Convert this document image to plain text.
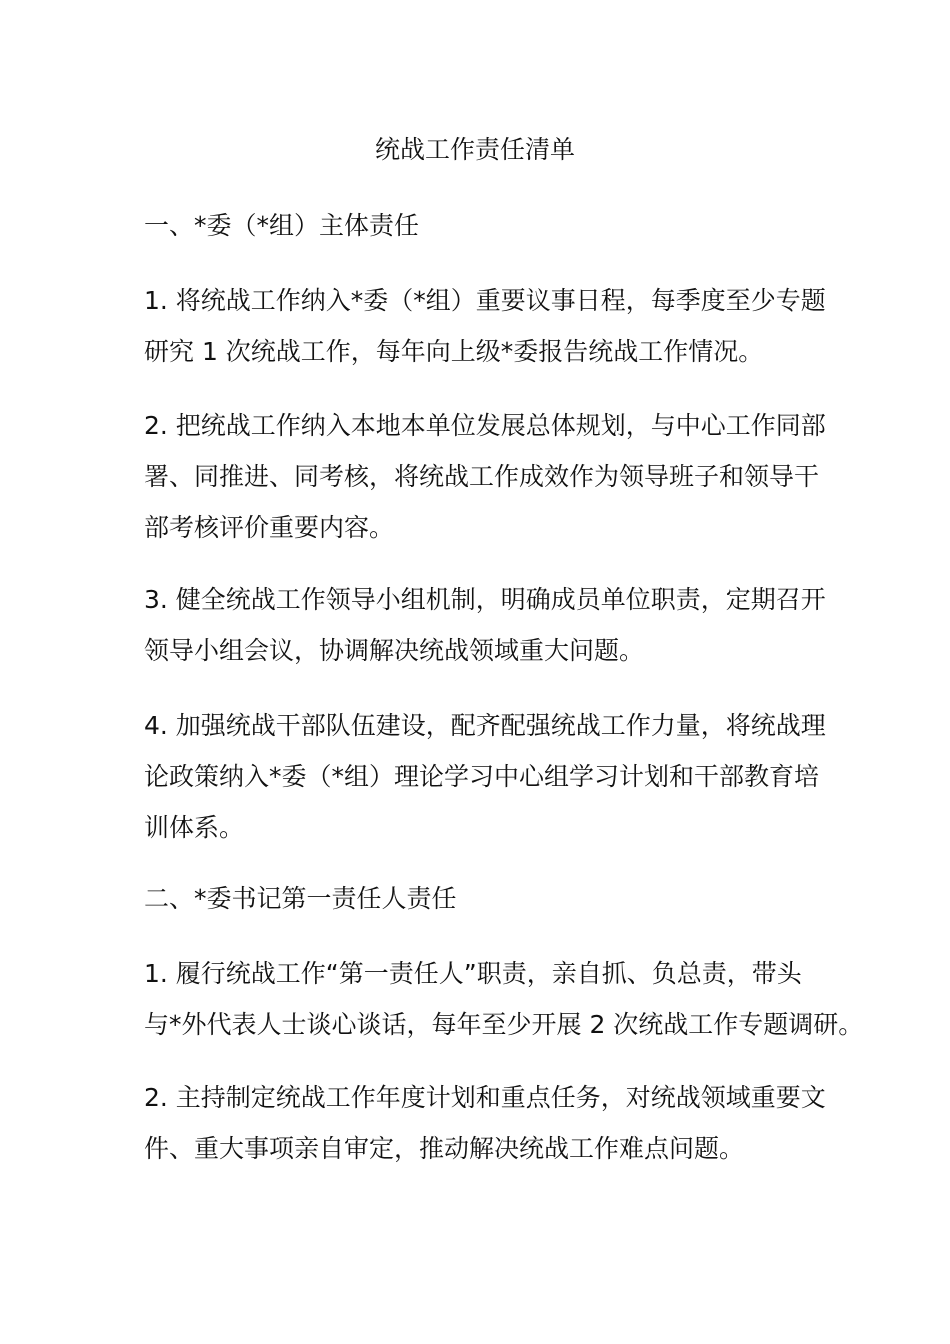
统战工作责任清单
一、*委（*组）主体责任
1. 将统战工作纳入*委（*组）重要议事日程，每季度至少专题
研究 1 次统战工作，每年向上级*委报告统战工作情况。
2. 把统战工作纳入本地本单位发展总体规划，与中心工作同部
署、同推进、同考核，将统战工作成效作为领导班子和领导干
部考核评价重要内容。
3. 健全统战工作领导小组机制，明确成员单位职责，定期召开
领导小组会议，协调解决统战领域重大问题。
4. 加强统战干部队伍建设，配齐配强统战工作力量，将统战理
论政策纳入*委（*组）理论学习中心组学习计划和干部教育培
训体系。
二、*委书记第一责任人责任
1. 履行统战工作“第一责任人”职责，亲自抓、负总责，带头
与*外代表人士谈心谈话，每年至少开展 2 次统战工作专题调研。
2. 主持制定统战工作年度计划和重点任务，对统战领域重要文
件、重大事项亲自审定，推动解决统战工作难点问题。
